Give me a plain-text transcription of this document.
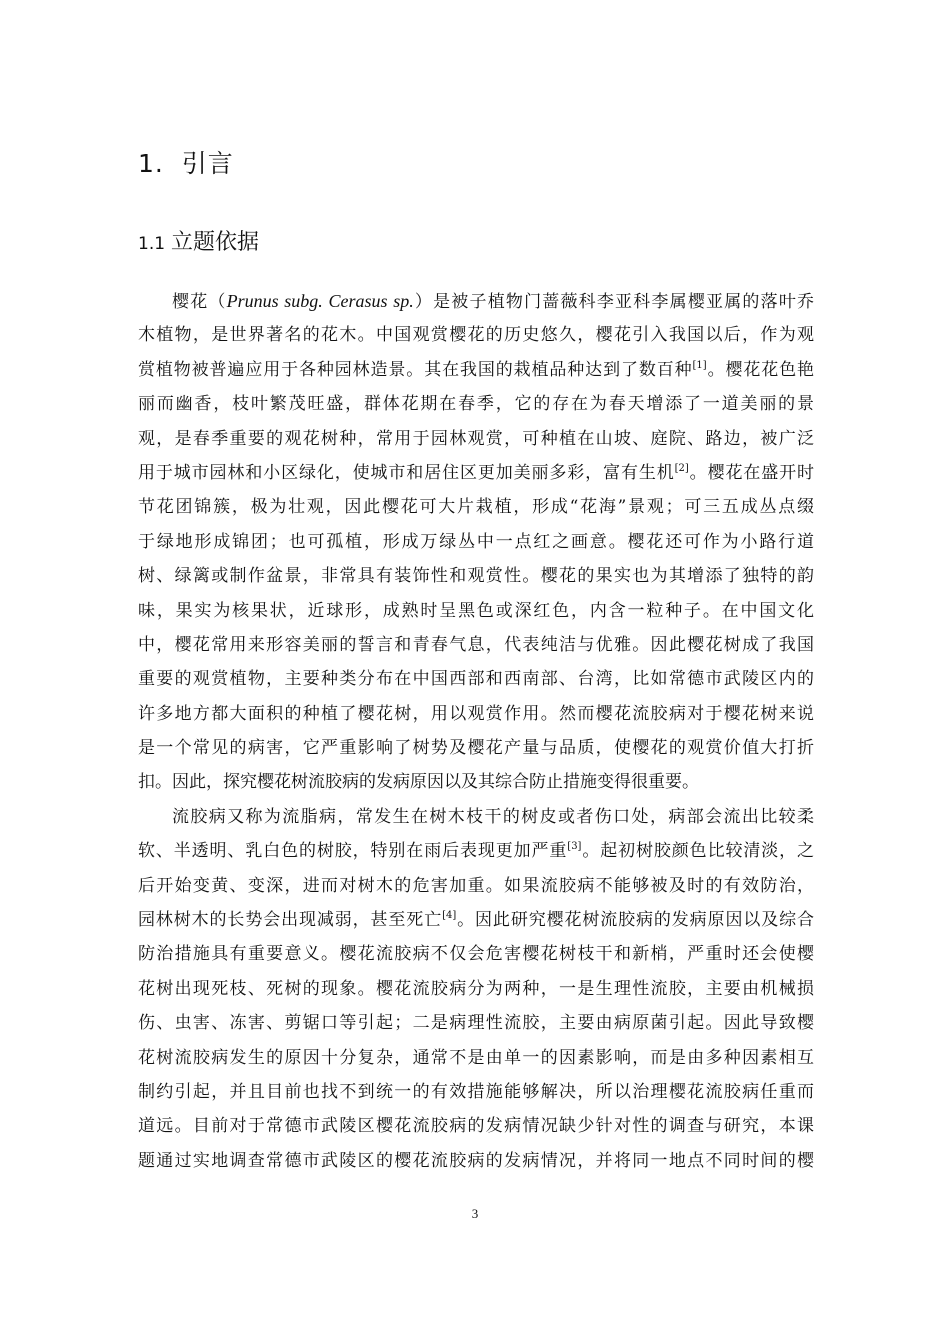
1. 引言
1.1 立题依据
樱花（Prunus subg. Cerasus sp.）是被子植物门蔷薇科李亚科李属樱亚属的落叶乔
木植物，是世界著名的花木。中国观赏樱花的历史悠久，樱花引入我国以后，作为观
赏植物被普遍应用于各种园林造景。其在我国的栽植品种达到了数百种[1]。樱花花色艳
丽而幽香，枝叶繁茂旺盛，群体花期在春季，它的存在为春天增添了一道美丽的景
观，是春季重要的观花树种，常用于园林观赏，可种植在山坡、庭院、路边，被广泛
用于城市园林和小区绿化，使城市和居住区更加美丽多彩，富有生机[2]。樱花在盛开时
节花团锦簇，极为壮观，因此樱花可大片栽植，形成“花海”景观；可三五成丛点缀
于绿地形成锦团；也可孤植，形成万绿丛中一点红之画意。樱花还可作为小路行道
树、绿篱或制作盆景，非常具有装饰性和观赏性。樱花的果实也为其增添了独特的韵
味，果实为核果状，近球形，成熟时呈黑色或深红色，内含一粒种子。在中国文化
中，樱花常用来形容美丽的誓言和青春气息，代表纯洁与优雅。因此樱花树成了我国
重要的观赏植物，主要种类分布在中国西部和西南部、台湾，比如常德市武陵区内的
许多地方都大面积的种植了樱花树，用以观赏作用。然而樱花流胶病对于樱花树来说
是一个常见的病害，它严重影响了树势及樱花产量与品质，使樱花的观赏价值大打折
扣。因此，探究樱花树流胶病的发病原因以及其综合防止措施变得很重要。
流胶病又称为流脂病，常发生在树木枝干的树皮或者伤口处，病部会流出比较柔
软、半透明、乳白色的树胶，特别在雨后表现更加严重[3]。起初树胶颜色比较清淡，之
后开始变黄、变深，进而对树木的危害加重。如果流胶病不能够被及时的有效防治，
园林树木的长势会出现减弱，甚至死亡[4]。因此研究樱花树流胶病的发病原因以及综合
防治措施具有重要意义。樱花流胶病不仅会危害樱花树枝干和新梢，严重时还会使樱
花树出现死枝、死树的现象。樱花流胶病分为两种，一是生理性流胶，主要由机械损
伤、虫害、冻害、剪锯口等引起；二是病理性流胶，主要由病原菌引起。因此导致樱
花树流胶病发生的原因十分复杂，通常不是由单一的因素影响，而是由多种因素相互
制约引起，并且目前也找不到统一的有效措施能够解决，所以治理樱花流胶病任重而
道远。目前对于常德市武陵区樱花流胶病的发病情况缺少针对性的调查与研究，本课
题通过实地调查常德市武陵区的樱花流胶病的发病情况，并将同一地点不同时间的樱
3
